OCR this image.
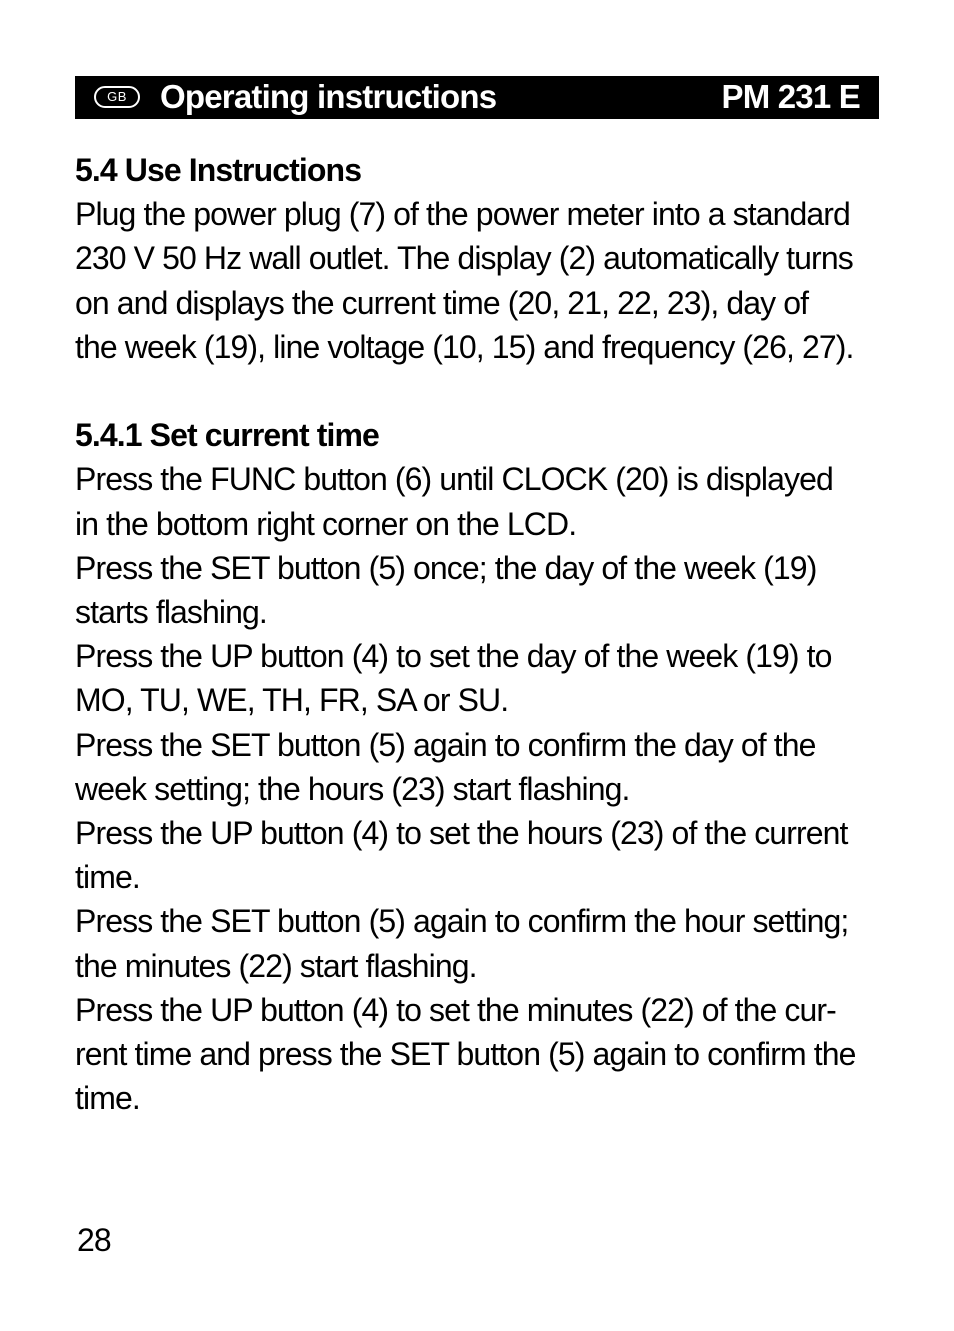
GB	Operating instructions	PM 231 E

5.4 Use Instructions

Plug the power plug (7) of the power meter into a standard

230 V 50 Hz wall outlet. The display (2) automatically turns

on and displays the current time (20, 21, 22, 23), day of

the week (19), line voltage (10, 15) and frequency (26, 27).

5.4.1 Set current time

Press the FUNC button (6) until CLOCK (20) is displayed

in the bottom right corner on the LCD.

Press the SET button (5) once; the day of the week (19)

starts flashing.

Press the UP button (4) to set the day of the week (19) to

MO, TU, WE, TH, FR, SA or SU.

Press the SET button (5) again to confirm the day of the

week setting; the hours (23) start flashing.

Press the UP button (4) to set the hours (23) of the current

time.

Press the SET button (5) again to confirm the hour setting;

the minutes (22) start flashing.

Press the UP button (4) to set the minutes (22) of the cur-

rent time and press the SET button (5) again to confirm the

time.

28
